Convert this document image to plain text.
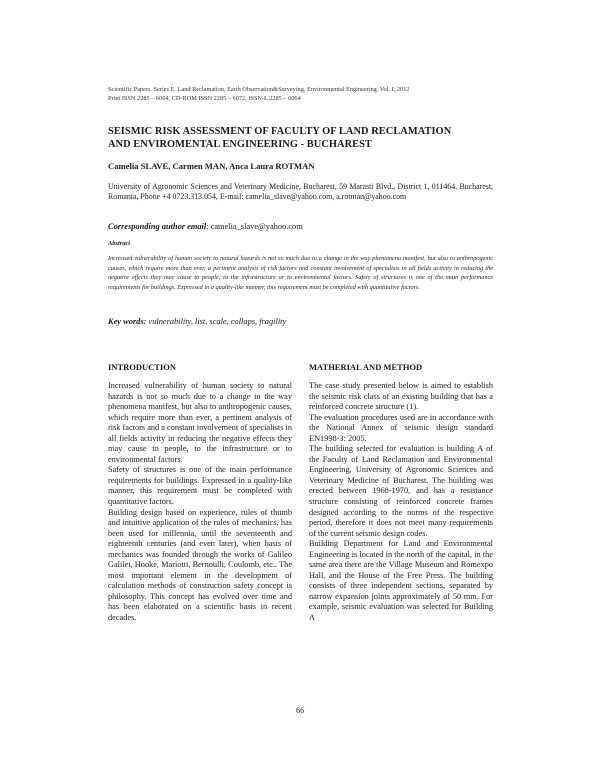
Scientific Papers. Series E. Land Reclamation, Earth Observation&Surveying, Environmental Engineering. Vol. I, 2012
Print ISSN 2285 – 6064, CD-ROM ISSN 2285 – 6072, ISSN-L 2285 – 6064
SEISMIC RISK ASSESSMENT OF FACULTY OF LAND RECLAMATION
AND ENVIROMENTAL ENGINEERING - BUCHAREST
Camelia SLAVE, Carmen MAN, Anca Laura ROTMAN
University of Agronomic Sciences and Veterinary Medicine, Bucharest, 59 Marasti Blvd., District 1, 011464, Bucharest, Romania, Phone +4 0723.313.054, E-mail: camelia_slave@yahoo.com, a.rotman@yahoo.com
Corresponding author email: camelia_slave@yahoo.com
Abstract
Increased vulnerability of human society to natural hazards is not so much due to a change in the way phenomena manifest, but also to anthropogenic causes, which require more than ever, a pertinent analysis of risk factors and constant involvement of specialists in all fields activity in reducing the negative effects they may cause to people, to the infrastructure or to environmental factors. Safety of structures is one of the main performance requirements for buildings. Expressed in a quality-like manner, this requirement must be completed with quantitative factors.
Key words: vulnerability, list, scale, collaps, fragility
INTRODUCTION

Increased vulnerability of human society to natural hazards is not so much due to a change in the way phenomena manifest, but also to anthropogenic causes, which require more than ever, a pertinent analysis of risk factors and a constant involvement of specialists in all fields activity in reducing the negative effects they may cause to people, to the infrastructure or to environmental factors.

Safety of structures is one of the main performance requirements for buildings. Expressed in a quality-like manner, this requirement must be completed with quantitative factors.

Building design based on experience, rules of thumb and intuitive application of the rules of mechanics, has been used for millennia, until the seventeenth and eighteenth centuries (and even later), when basis of mechanics was founded through the works of Galileo Galilei, Hooke, Mariotti, Bernoulli, Coulomb, etc.. The most important element in the development of calculation methods of construction safety concept is philosophy. This concept has evolved over time and has been elaborated on a scientific basis in recent decades.

MATHERIAL AND METHOD

The case study presented below is aimed to establish the seismic risk class of an existing building that has a reinforced concrete structure (1).

The evaluation procedures used are in accordance with the National Annex of seismic design standard EN1998-3: 2005.

The building selected for evaluation is building A of the Faculty of Land Reclamation and Environmental Engineering, University of Agronomic Sciences and Veterinary Medicine of Bucharest. The building was erected between 1968-1970, and has a resistance structure consisting of reinforced concrete frames designed according to the norms of the respective period, therefore it does not meet many requirements of the current seismic design codes.

Building Department for Land and Environmental Engineering is located in the north of the capital, in the same area there are the Village Museum and Romexpo Hall, and the House of the Free Press. The building consists of three independent sections, separated by narrow expansion joints approximately of 50 mm. For example, seismic evaluation was selected for Building A

66
